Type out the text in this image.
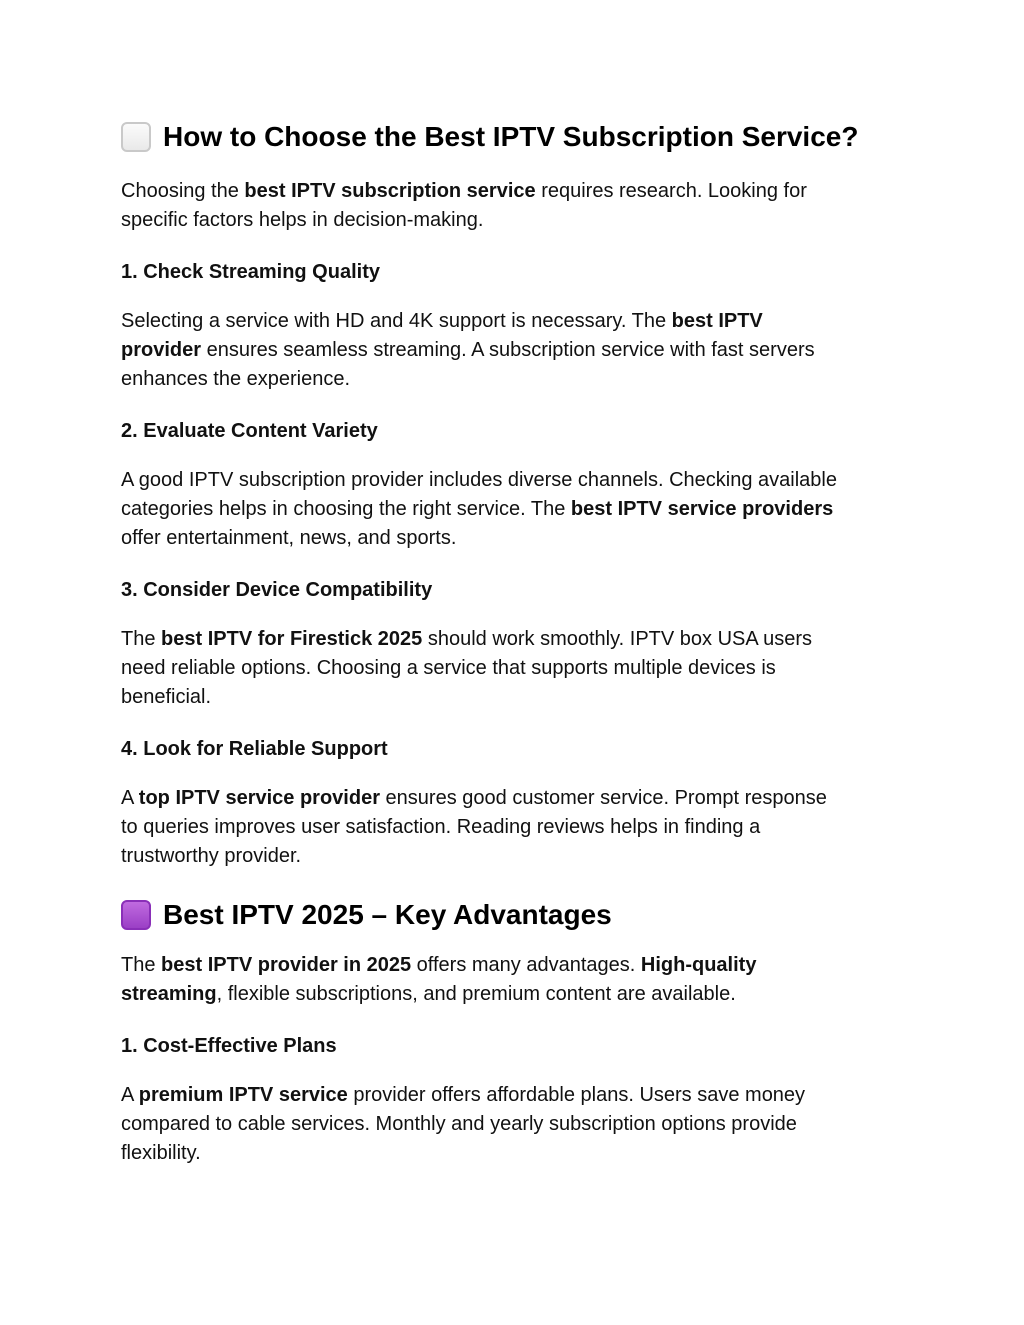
How to Choose the Best IPTV Subscription Service?

Choosing the best IPTV subscription service requires research. Looking for
specific factors helps in decision-making.

1. Check Streaming Quality

Selecting a service with HD and 4K support is necessary. The best IPTV
provider ensures seamless streaming. A subscription service with fast servers
enhances the experience.

2. Evaluate Content Variety

A good IPTV subscription provider includes diverse channels. Checking available
categories helps in choosing the right service. The best IPTV service providers
offer entertainment, news, and sports.

3. Consider Device Compatibility

The best IPTV for Firestick 2025 should work smoothly. IPTV box USA users
need reliable options. Choosing a service that supports multiple devices is
beneficial.

4. Look for Reliable Support

A top IPTV service provider ensures good customer service. Prompt response
to queries improves user satisfaction. Reading reviews helps in finding a
trustworthy provider.

Best IPTV 2025 – Key Advantages

The best IPTV provider in 2025 offers many advantages. High-quality
streaming, flexible subscriptions, and premium content are available.

1. Cost-Effective Plans

A premium IPTV service provider offers affordable plans. Users save money
compared to cable services. Monthly and yearly subscription options provide
flexibility.
